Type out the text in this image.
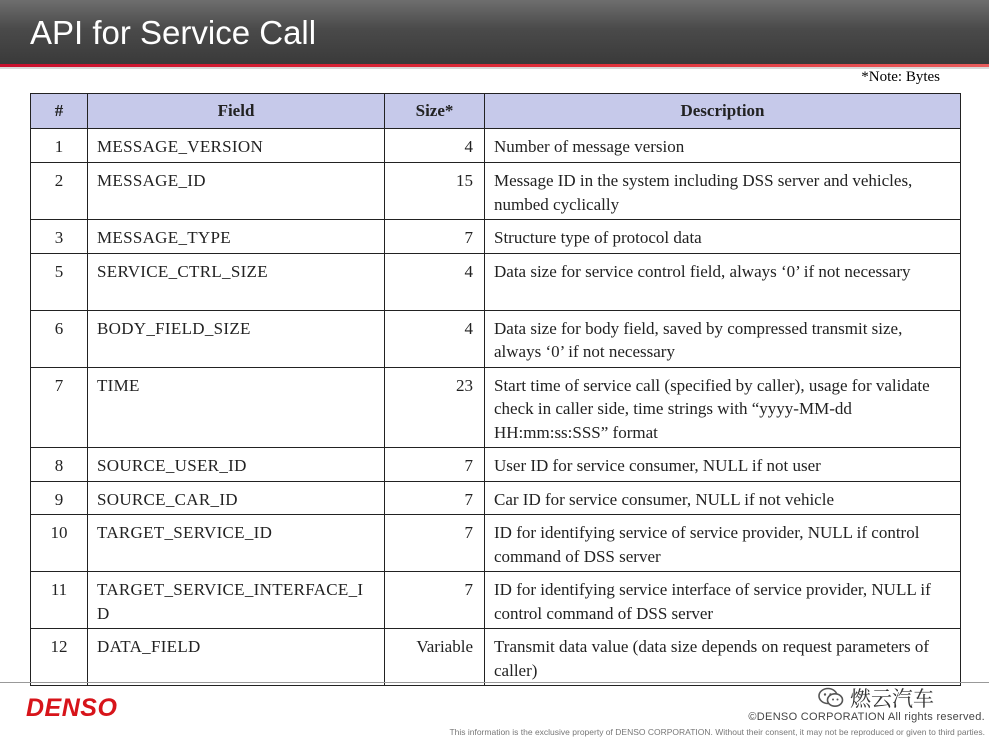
API for Service Call
*Note: Bytes
#	Field	Size*	Description
1	MESSAGE_VERSION	4	Number of message version
2	MESSAGE_ID	15	Message ID in the system including DSS server and vehicles, numbed cyclically
3	MESSAGE_TYPE	7	Structure type of protocol data
5	SERVICE_CTRL_SIZE	4	Data size for service control field, always ‘0’ if not necessary
6	BODY_FIELD_SIZE	4	Data size for body field, saved by compressed transmit size, always ‘0’ if not necessary
7	TIME	23	Start time of service call (specified by caller), usage for validate check in caller side, time strings with “yyyy-MM-dd HH:mm:ss:SSS” format
8	SOURCE_USER_ID	7	User ID for service consumer, NULL if not user
9	SOURCE_CAR_ID	7	Car ID for service consumer, NULL if not vehicle
10	TARGET_SERVICE_ID	7	ID for identifying service of service provider, NULL if control command of DSS server
11	TARGET_SERVICE_INTERFACE_ID	7	ID for identifying service interface of service provider, NULL if control command of DSS server
12	DATA_FIELD	Variable	Transmit data value (data size depends on request parameters of caller)
DENSO	燃云汽车
©DENSO CORPORATION All rights reserved.
This information is the exclusive property of DENSO CORPORATION. Without their consent, it may not be reproduced or given to third parties.
